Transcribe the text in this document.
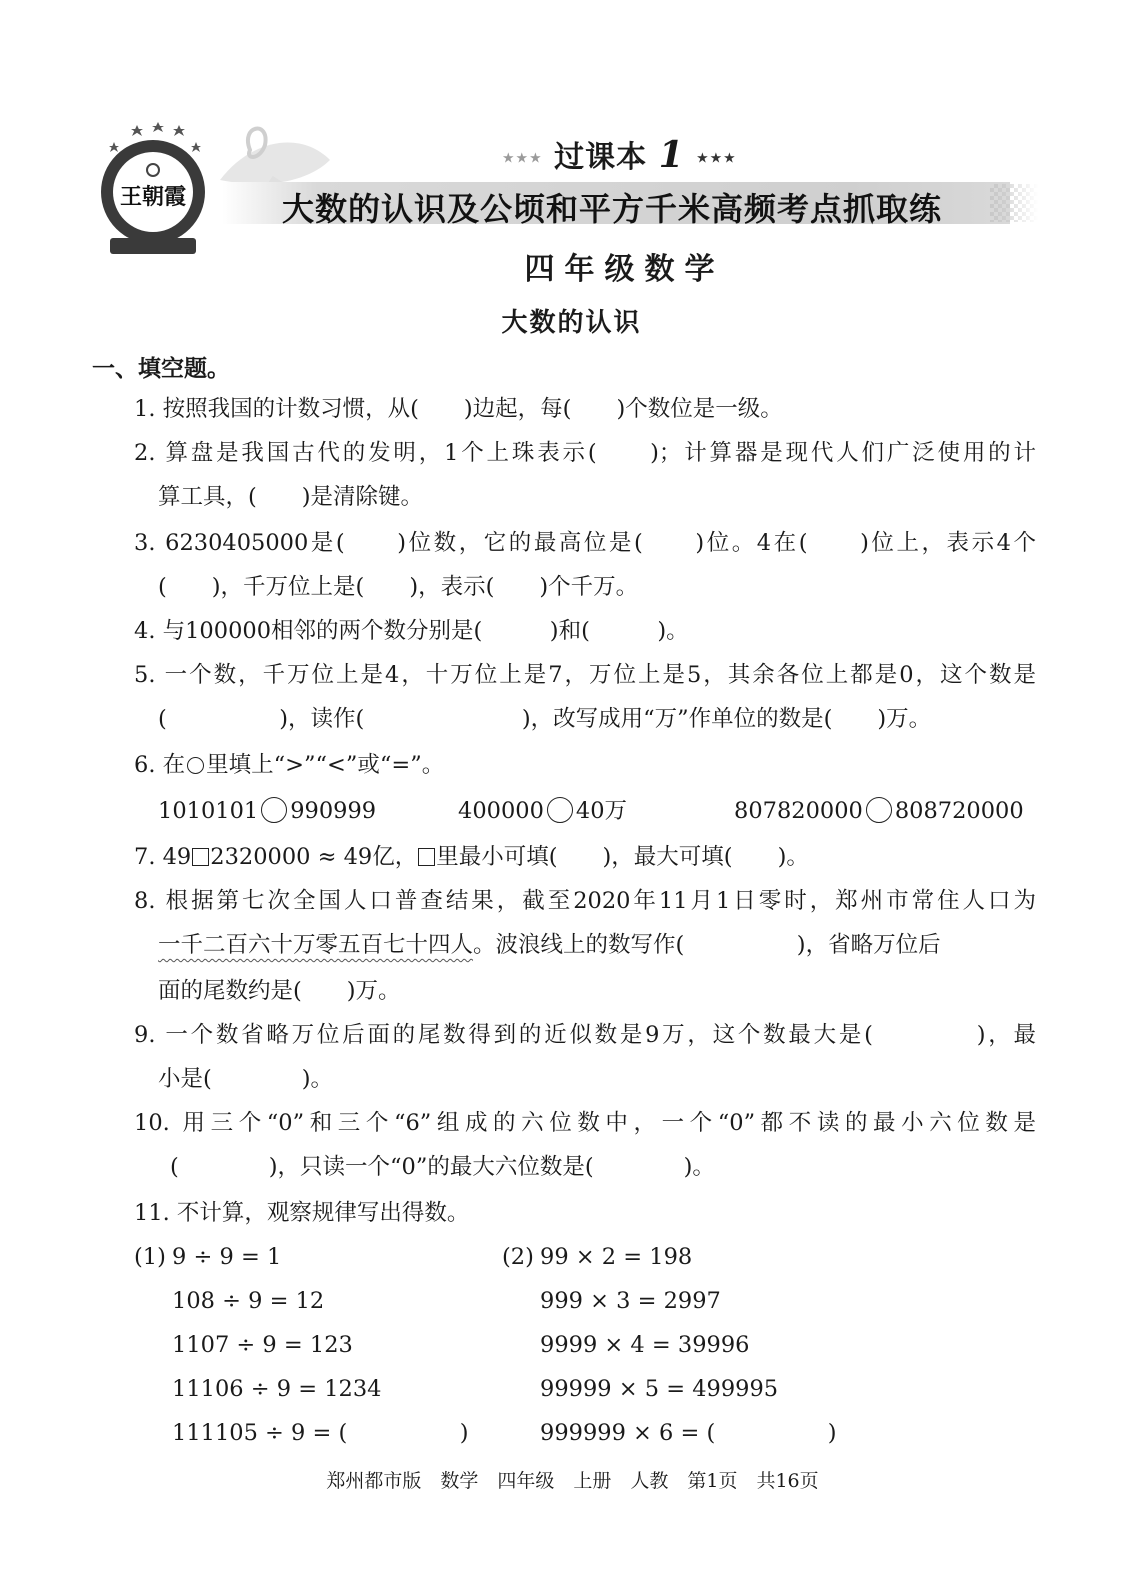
王朝霞
★★★ 过课本 1 ★★★
大数的认识及公顷和平方千米高频考点抓取练
四年级数学
大数的认识
一、填空题。
1. 按照我国的计数习惯，从(　　)边起，每(　　)个数位是一级。
2. 算盘是我国古代的发明，1个上珠表示(　　)；计算器是现代人们广泛使用的计
算工具，(　　)是清除键。
3. 6230405000是(　　)位数，它的最高位是(　　)位。4在(　　)位上，表示4个
(　　)，千万位上是(　　)，表示(　　)个千万。
4. 与100000相邻的两个数分别是(　　　)和(　　　)。
5. 一个数，千万位上是4，十万位上是7，万位上是5，其余各位上都是0，这个数是
(　　　　　)，读作(　　　　　　　)，改写成用“万”作单位的数是(　　)万。
6. 在 里填上“>”“<”或“=”。
1010101 990999	400000 40万	807820000 808720000
7. 49 2320000 ≈ 49亿， 里最小可填(　　)，最大可填(　　)。
8. 根据第七次全国人口普查结果，截至2020年11月1日零时，郑州市常住人口为
一千二百六十万零五百七十四人。波浪线上的数写作(　　　　　)，省略万位后
面的尾数约是(　　)万。
9. 一个数省略万位后面的尾数得到的近似数是9万，这个数最大是(　　　　)，最
小是(　　　　)。
10. 用三个“0”和三个“6”组成的六位数中，一个“0”都不读的最小六位数是
(　　　　)，只读一个“0”的最大六位数是(　　　　)。
11. 不计算，观察规律写出得数。
(1) 9 ÷ 9 = 1
108 ÷ 9 = 12
1107 ÷ 9 = 123
11106 ÷ 9 = 1234
111105 ÷ 9 = (　　　　　)
(2) 99 × 2 = 198
999 × 3 = 2997
9999 × 4 = 39996
99999 × 5 = 499995
999999 × 6 = (　　　　　)
郑州都市版　数学　四年级　上册　人教　第1页　共16页
